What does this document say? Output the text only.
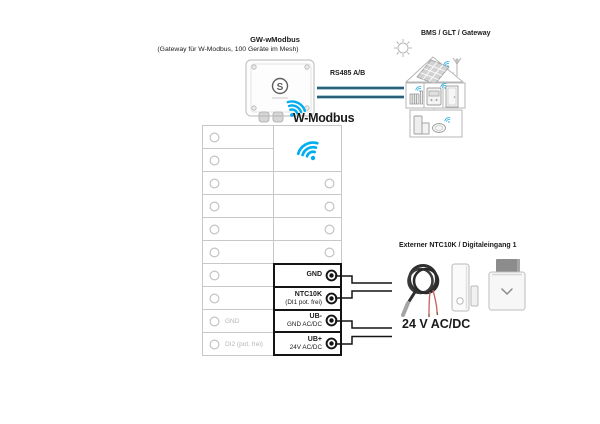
GW-wModbus
(Gateway für W-Modbus, 100 Geräte im Mesh)
S
RS485 A/B
BMS / GLT / Gateway
W-Modbus
GND
DI2 (pot. frei)
GND
NTC10K
(DI1 pot. frei)
UB-
GND AC/DC
UB+
24V AC/DC
Externer NTC10K / Digitaleingang 1
24 V AC/DC
